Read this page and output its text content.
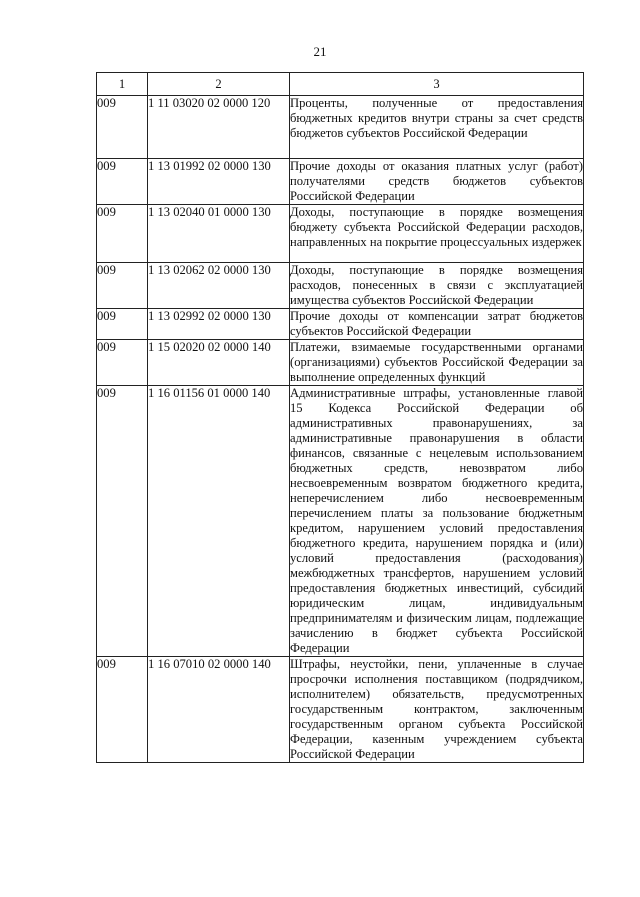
21
1	2	3
009	1 11 03020 02 0000 120	Проценты, полученные от предоставления бюджетных кредитов внутри страны за счет средств бюджетов субъектов Российской Федерации
009	1 13 01992 02 0000 130	Прочие доходы от оказания платных услуг (работ) получателями средств бюджетов субъектов Российской Федерации
009	1 13 02040 01 0000 130	Доходы, поступающие в порядке возмещения бюджету субъекта Российской Федерации расходов, направленных на покрытие процессуальных издержек
009	1 13 02062 02 0000 130	Доходы, поступающие в порядке возмещения расходов, понесенных в связи с эксплуатацией имущества субъектов Российской Федерации
009	1 13 02992 02 0000 130	Прочие доходы от компенсации затрат бюджетов субъектов Российской Федерации
009	1 15 02020 02 0000 140	Платежи, взимаемые государственными органами (организациями) субъектов Российской Федерации за выполнение определенных функций
009	1 16 01156 01 0000 140	Административные штрафы, установленные главой 15 Кодекса Российской Федерации об административных правонарушениях, за административные правонарушения в области финансов, связанные с нецелевым использованием бюджетных средств, невозвратом либо несвоевременным возвратом бюджетного кредита, неперечислением либо несвоевременным перечислением платы за пользование бюджетным кредитом, нарушением условий предоставления бюджетного кредита, нарушением порядка и (или) условий предоставления (расходования) межбюджетных трансфертов, нарушением условий предоставления бюджетных инвестиций, субсидий юридическим лицам, индивидуальным предпринимателям и физическим лицам, подлежащие зачислению в бюджет субъекта Российской Федерации
009	1 16 07010 02 0000 140	Штрафы, неустойки, пени, уплаченные в случае просрочки исполнения поставщиком (подрядчиком, исполнителем) обязательств, предусмотренных государственным контрактом, заключенным государственным органом субъекта Российской Федерации, казенным учреждением субъекта Российской Федерации
